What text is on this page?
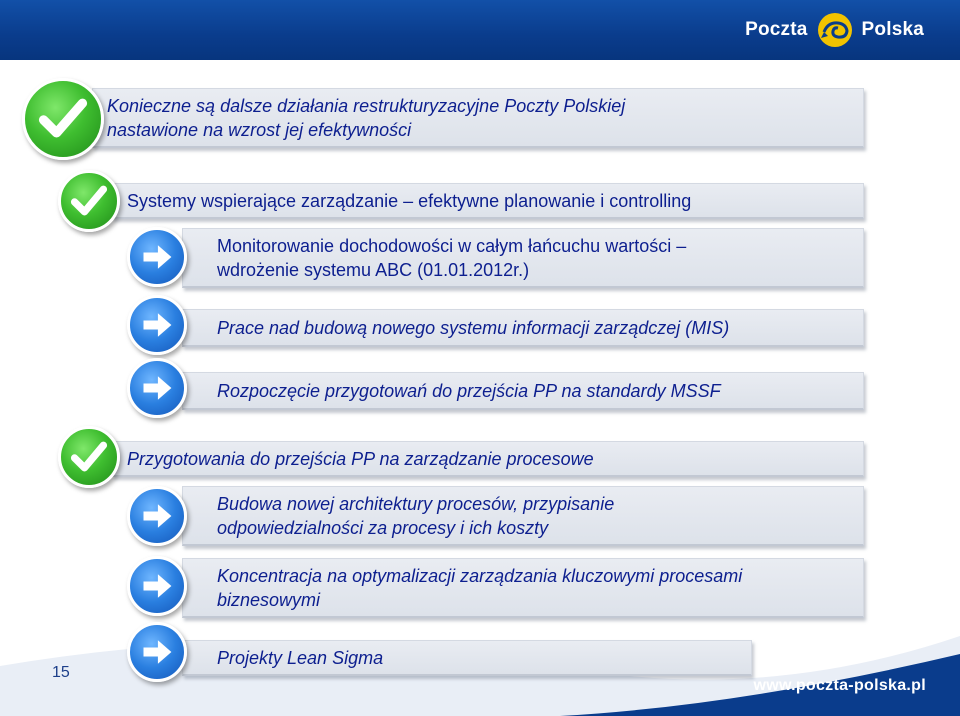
Poczta	Polska
Konieczne są dalsze działania restrukturyzacyjne Poczty Polskiej
nastawione na wzrost jej efektywności
Systemy wspierające zarządzanie – efektywne planowanie i controlling
Monitorowanie dochodowości w całym łańcuchu wartości –
wdrożenie systemu ABC (01.01.2012r.)
Prace nad budową nowego systemu informacji zarządczej (MIS)
Rozpoczęcie przygotowań do przejścia PP na standardy MSSF
Przygotowania do przejścia PP na zarządzanie procesowe
Budowa nowej architektury procesów, przypisanie
odpowiedzialności za procesy i ich koszty
Koncentracja na optymalizacji zarządzania kluczowymi procesami
biznesowymi
Projekty Lean Sigma
15
www.poczta-polska.pl
